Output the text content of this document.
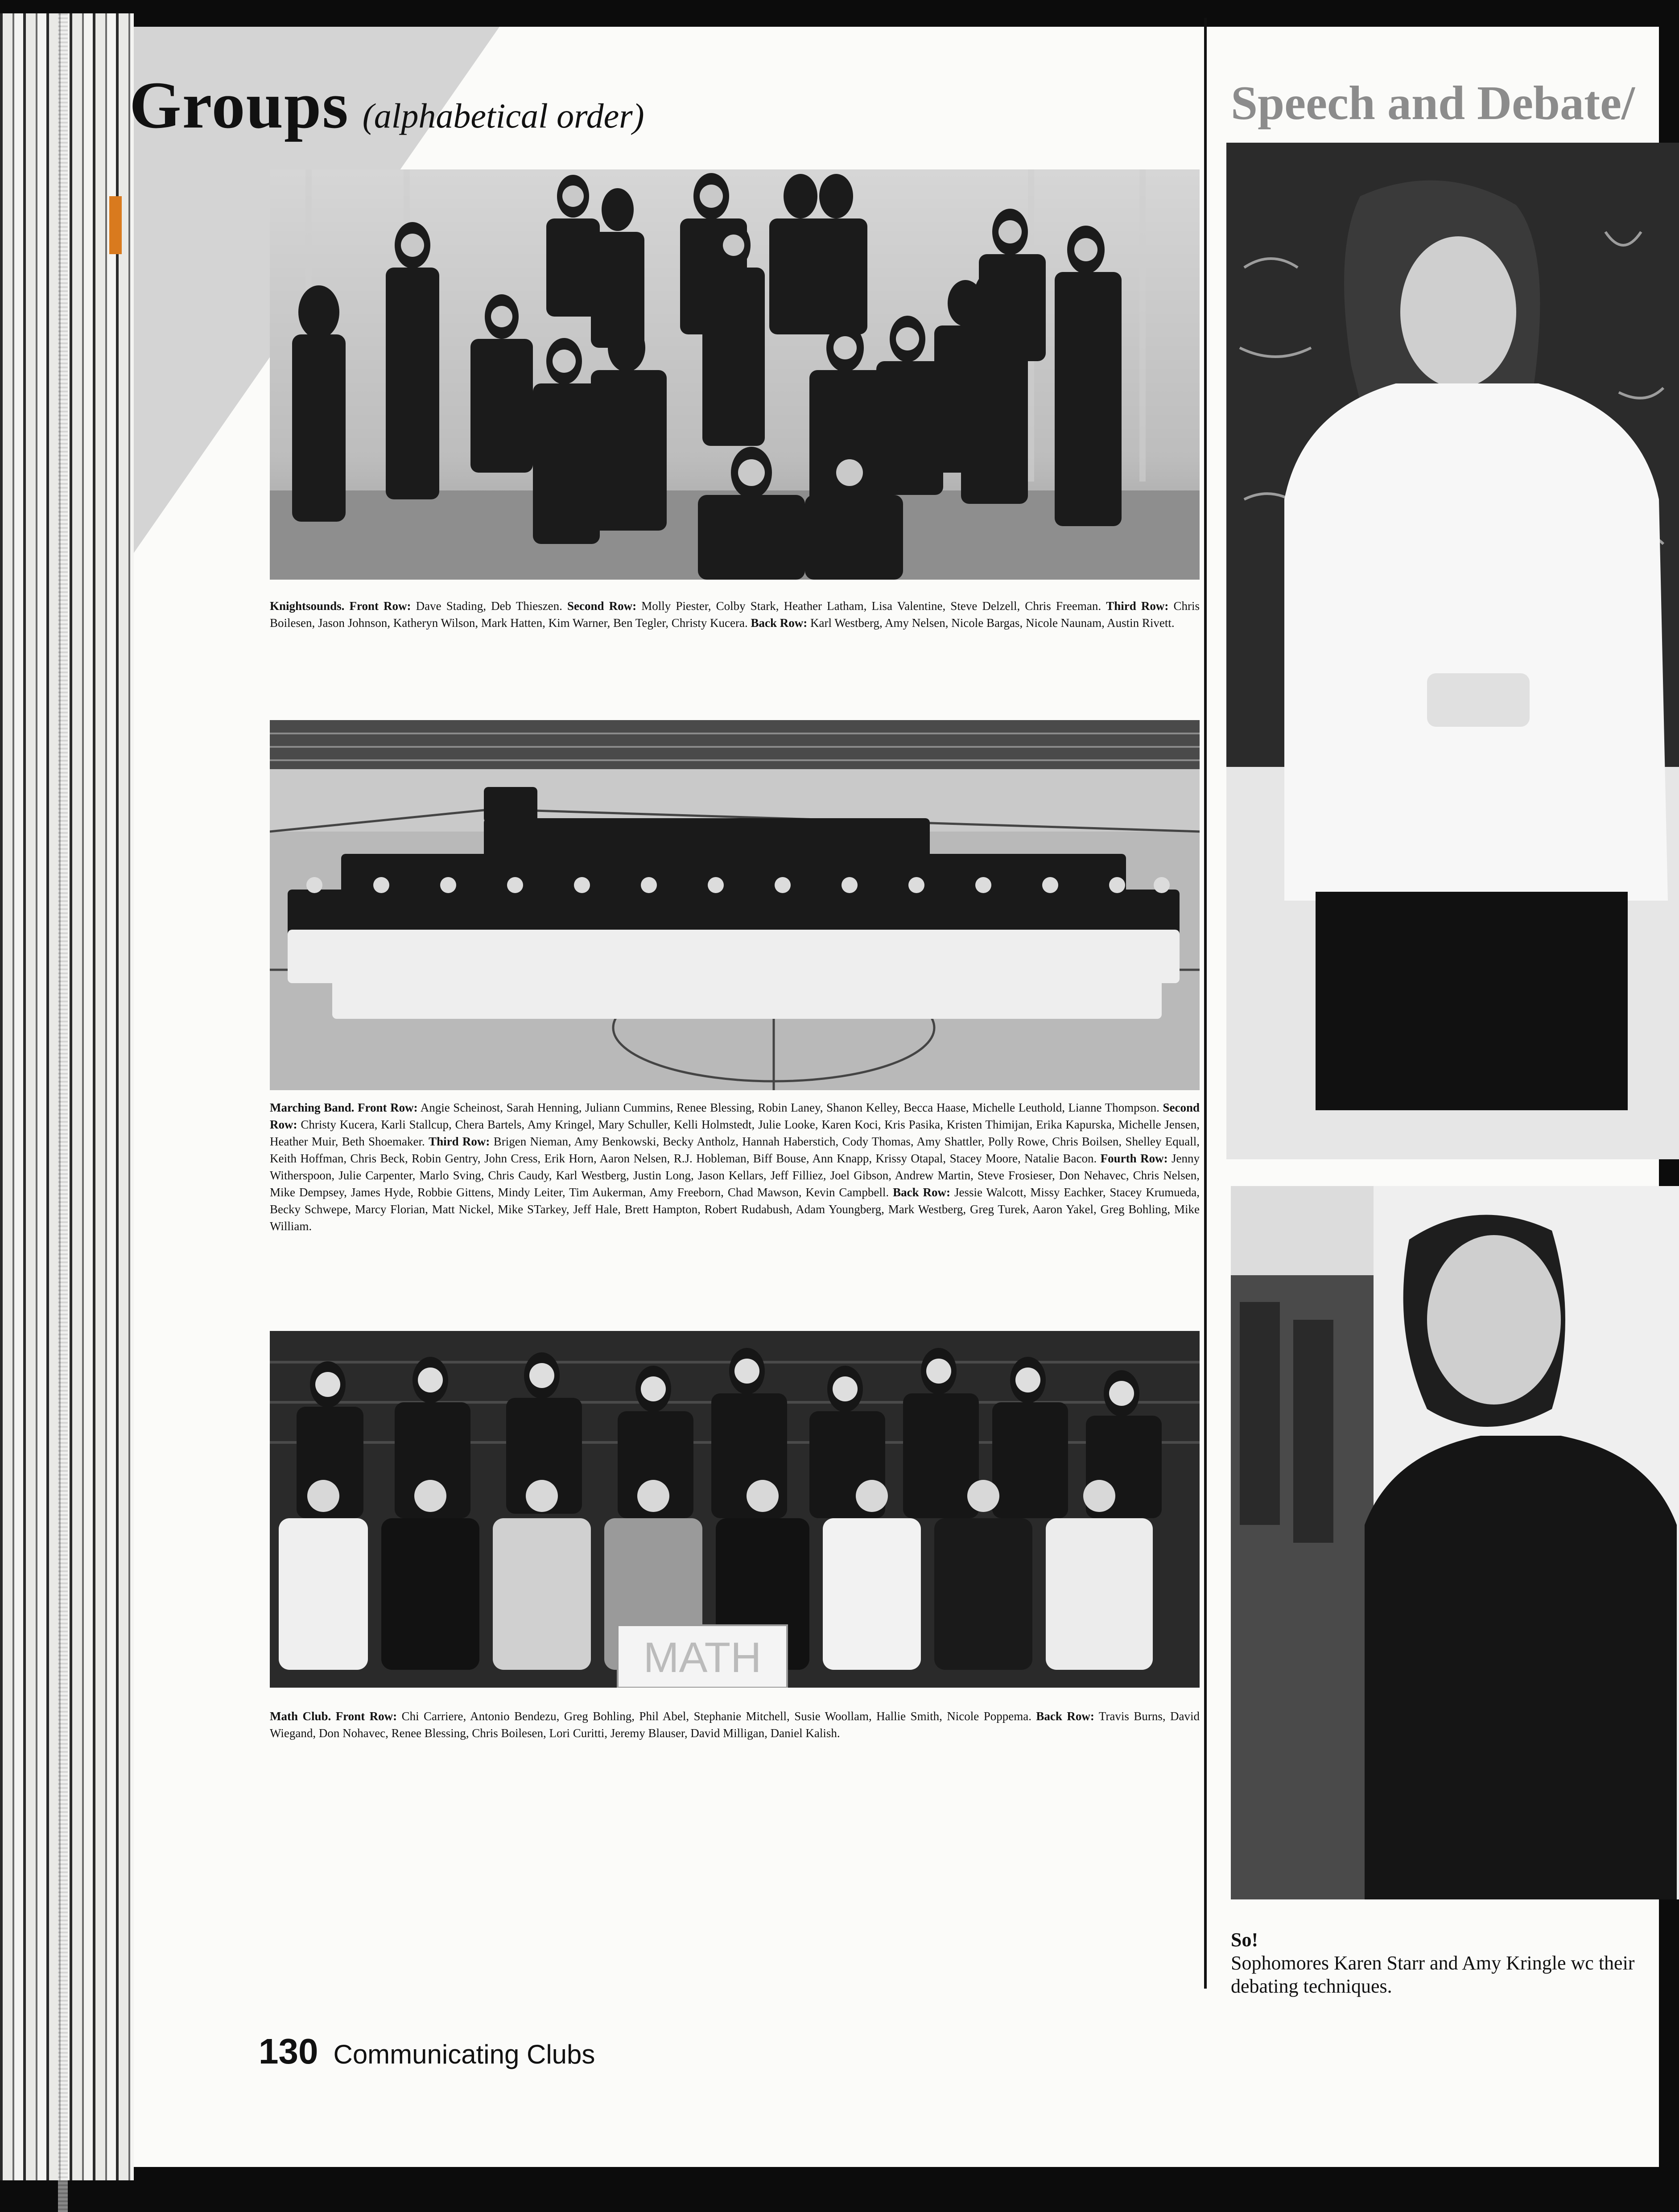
Groups (alphabetical order)
Knightsounds. Front Row: Dave Stading, Deb Thieszen. Second Row: Molly Piester, Colby Stark, Heather Latham, Lisa Valentine, Steve Delzell, Chris Freeman. Third Row: Chris Boilesen, Jason Johnson, Katheryn Wilson, Mark Hatten, Kim Warner, Ben Tegler, Christy Kucera. Back Row: Karl Westberg, Amy Nelsen, Nicole Bargas, Nicole Naunam, Austin Rivett.
Marching Band. Front Row: Angie Scheinost, Sarah Henning, Juliann Cummins, Renee Blessing, Robin Laney, Shanon Kelley, Becca Haase, Michelle Leuthold, Lianne Thompson. Second Row: Christy Kucera, Karli Stallcup, Chera Bartels, Amy Kringel, Mary Schuller, Kelli Holmstedt, Julie Looke, Karen Koci, Kris Pasika, Kristen Thimijan, Erika Kapurska, Michelle Jensen, Heather Muir, Beth Shoemaker. Third Row: Brigen Nieman, Amy Benkowski, Becky Antholz, Hannah Haberstich, Cody Thomas, Amy Shattler, Polly Rowe, Chris Boilsen, Shelley Equall, Keith Hoffman, Chris Beck, Robin Gentry, John Cress, Erik Horn, Aaron Nelsen, R.J. Hobleman, Biff Bouse, Ann Knapp, Krissy Otapal, Stacey Moore, Natalie Bacon. Fourth Row: Jenny Witherspoon, Julie Carpenter, Marlo Sving, Chris Caudy, Karl Westberg, Justin Long, Jason Kellars, Jeff Filliez, Joel Gibson, Andrew Martin, Steve Frosieser, Don Nehavec, Chris Nelsen, Mike Dempsey, James Hyde, Robbie Gittens, Mindy Leiter, Tim Aukerman, Amy Freeborn, Chad Mawson, Kevin Campbell. Back Row: Jessie Walcott, Missy Eachker, Stacey Krumueda, Becky Schwepe, Marcy Florian, Matt Nickel, Mike STarkey, Jeff Hale, Brett Hampton, Robert Rudabush, Adam Youngberg, Mark Westberg, Greg Turek, Aaron Yakel, Greg Bohling, Mike William.
MATH
Math Club. Front Row: Chi Carriere, Antonio Bendezu, Greg Bohling, Phil Abel, Stephanie Mitchell, Susie Woollam, Hallie Smith, Nicole Poppema. Back Row: Travis Burns, David Wiegand, Don Nohavec, Renee Blessing, Chris Boilesen, Lori Curitti, Jeremy Blauser, David Milligan, Daniel Kalish.
Speech and Debate/
So!
Sophomores Karen Starr and Amy Kringle wc their debating techniques.
130 Communicating Clubs
